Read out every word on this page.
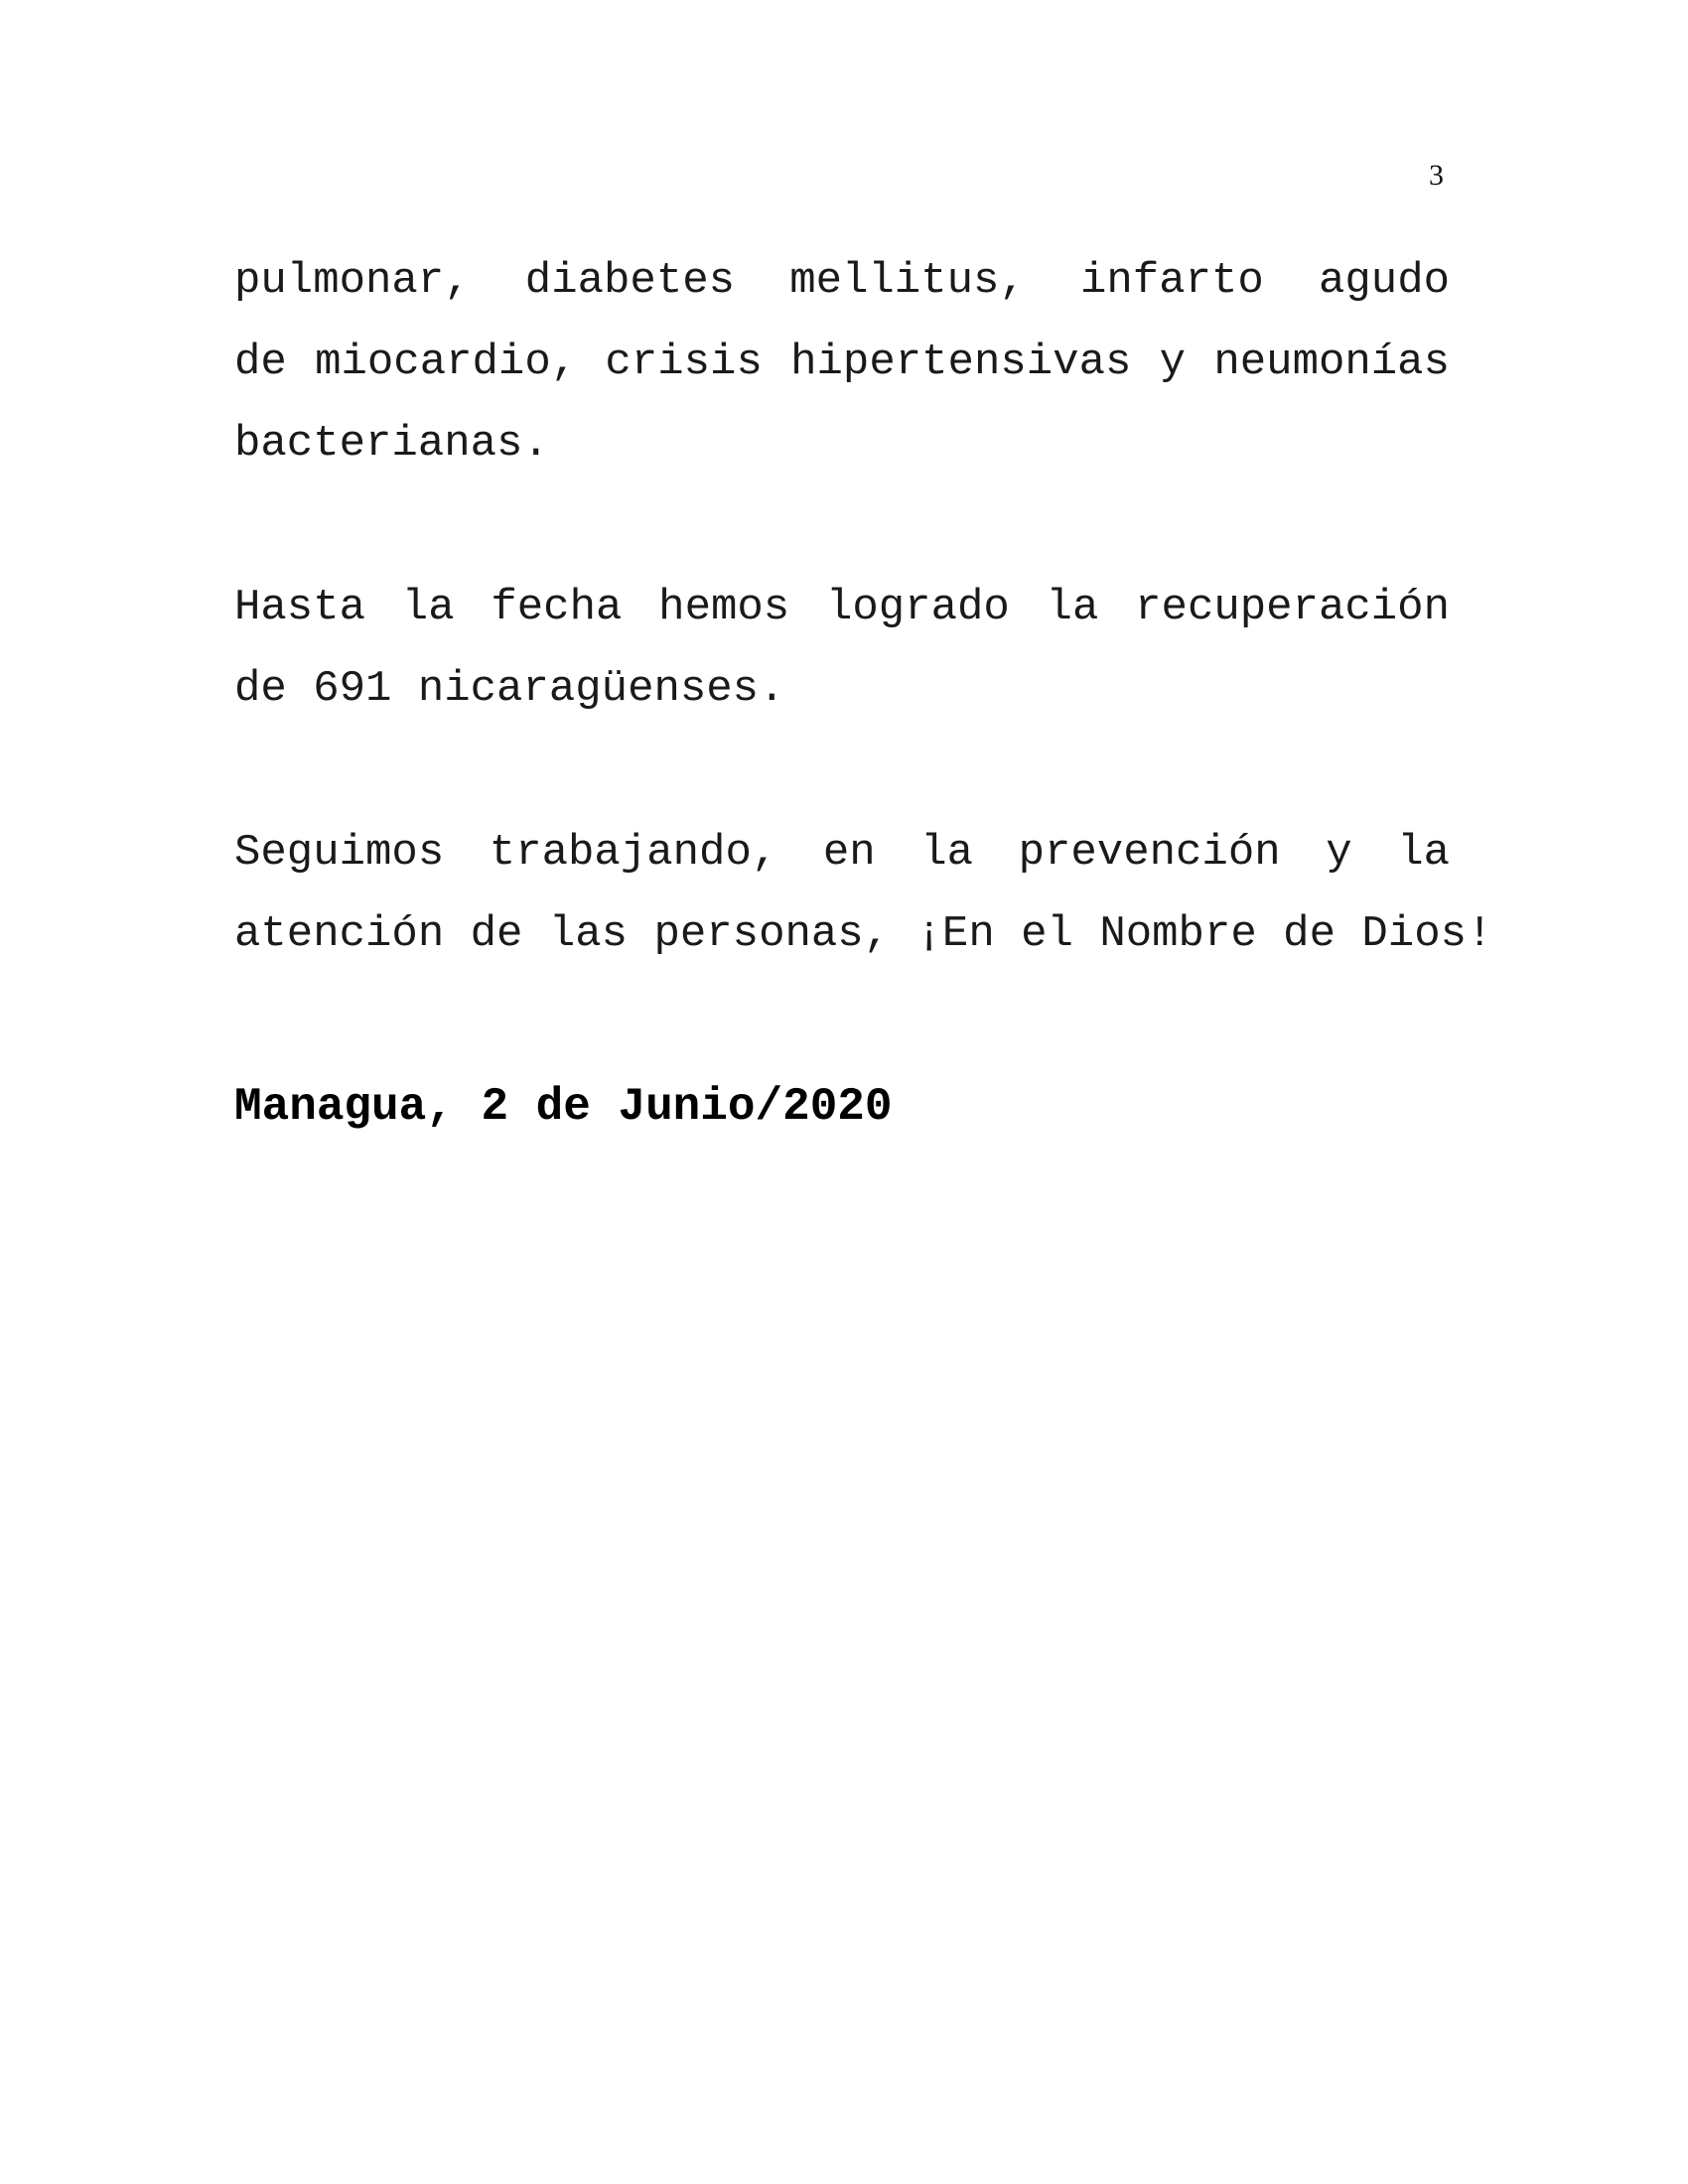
3
pulmonar, diabetes mellitus, infarto agudo
de miocardio, crisis hipertensivas y neumonías
bacterianas.
Hasta la fecha hemos logrado la recuperación
de 691 nicaragüenses.
Seguimos trabajando, en la prevención y la
atención de las personas, ¡En el Nombre de Dios!
Managua, 2 de Junio/2020
